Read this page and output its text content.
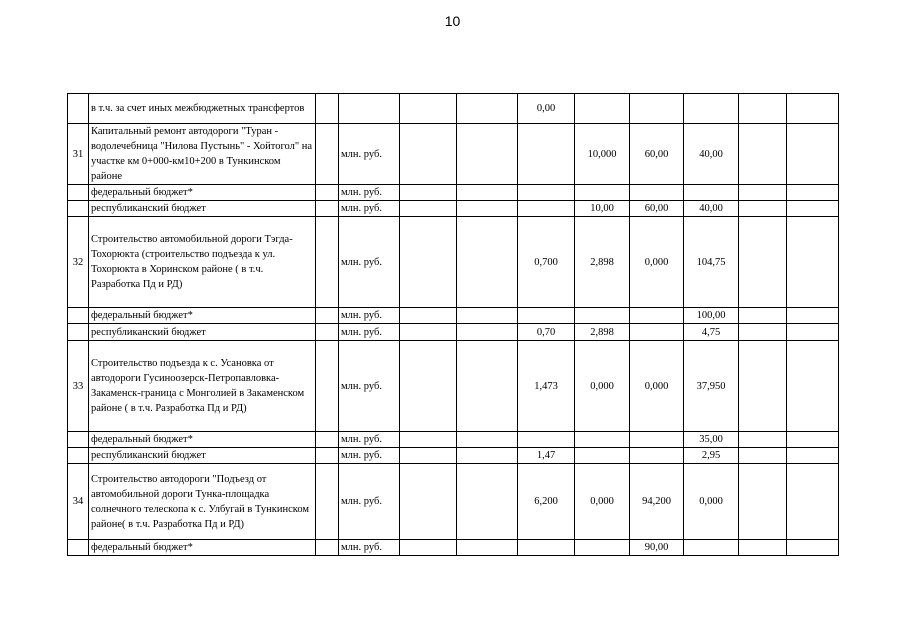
10
	в т.ч. за счет иных межбюджетных трансфертов					0,00					
31	Капитальный ремонт автодороги "Туран - водолечебница "Нилова Пустынь" - Хойтогол" на участке км 0+000-км10+200 в Тункинском районе		млн. руб.				10,000	60,00	40,00		
	федеральный бюджет*		млн. руб.								
	республиканский бюджет		млн. руб.				10,00	60,00	40,00		
32	Строительство автомобильной дороги Тэгда-Тохорюкта (строительство подъезда к ул. Тохорюкта в Хоринском районе ( в т.ч. Разработка Пд и РД)		млн. руб.			0,700	2,898	0,000	104,75		
	федеральный бюджет*		млн. руб.						100,00		
	республиканский бюджет		млн. руб.			0,70	2,898		4,75		
33	Строительство подъезда к с. Усановка от автодороги Гусиноозерск-Петропавловка-Закаменск-граница с Монголией в Закаменском районе ( в т.ч. Разработка Пд и РД)		млн. руб.			1,473	0,000	0,000	37,950		
	федеральный бюджет*		млн. руб.						35,00		
	республиканский бюджет		млн. руб.			1,47			2,95		
34	Строительство автодороги "Подъезд от автомобильной дороги Тунка-площадка солнечного телескопа к с. Улбугай в Тункинском районе( в т.ч. Разработка Пд и РД)		млн. руб.			6,200	0,000	94,200	0,000		
	федеральный бюджет*		млн. руб.					90,00			
